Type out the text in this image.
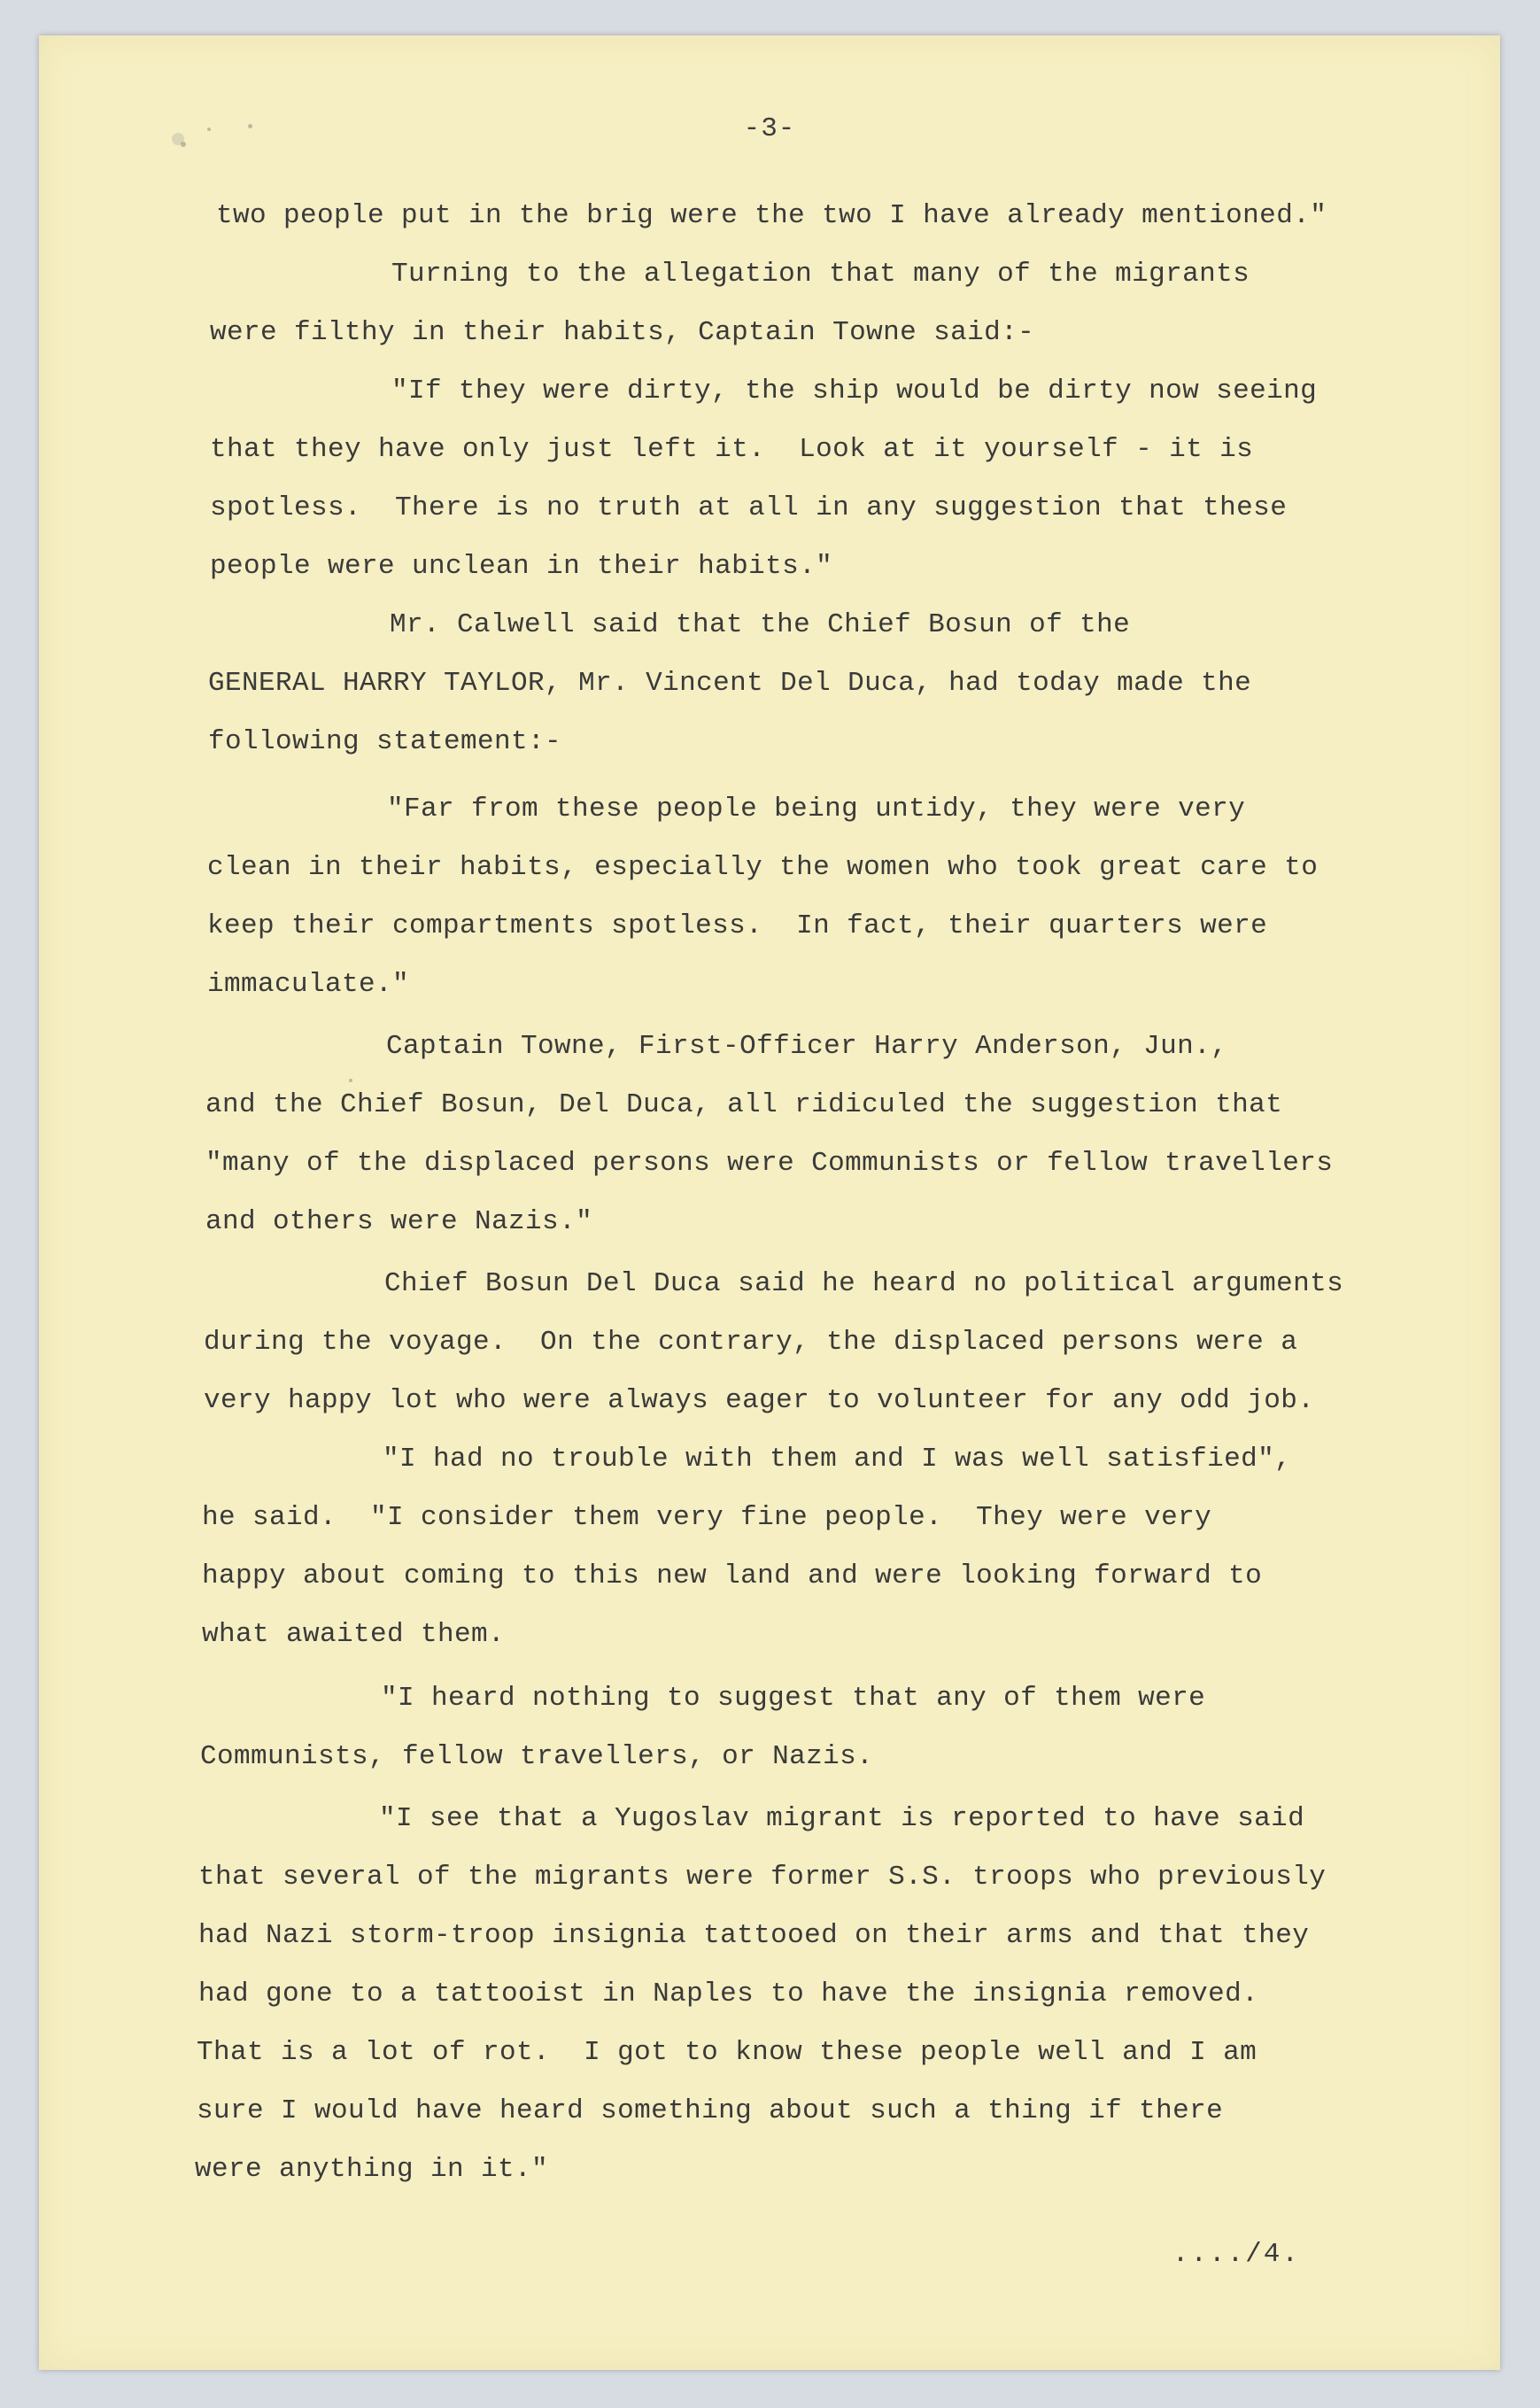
-3-
two people put in the brig were the two I have already mentioned."
Turning to the allegation that many of the migrants
were filthy in their habits, Captain Towne said:-
"If they were dirty, the ship would be dirty now seeing
that they have only just left it.  Look at it yourself - it is
spotless.  There is no truth at all in any suggestion that these
people were unclean in their habits."
Mr. Calwell said that the Chief Bosun of the
GENERAL HARRY TAYLOR, Mr. Vincent Del Duca, had today made the
following statement:-
"Far from these people being untidy, they were very
clean in their habits, especially the women who took great care to
keep their compartments spotless.  In fact, their quarters were
immaculate."
Captain Towne, First-Officer Harry Anderson, Jun.,
and the Chief Bosun, Del Duca, all ridiculed the suggestion that
"many of the displaced persons were Communists or fellow travellers
and others were Nazis."
Chief Bosun Del Duca said he heard no political arguments
during the voyage.  On the contrary, the displaced persons were a
very happy lot who were always eager to volunteer for any odd job.
"I had no trouble with them and I was well satisfied",
he said.  "I consider them very fine people.  They were very
happy about coming to this new land and were looking forward to
what awaited them.
"I heard nothing to suggest that any of them were
Communists, fellow travellers, or Nazis.
"I see that a Yugoslav migrant is reported to have said
that several of the migrants were former S.S. troops who previously
had Nazi storm-troop insignia tattooed on their arms and that they
had gone to a tattooist in Naples to have the insignia removed.
That is a lot of rot.  I got to know these people well and I am
sure I would have heard something about such a thing if there
were anything in it."
..../4.
